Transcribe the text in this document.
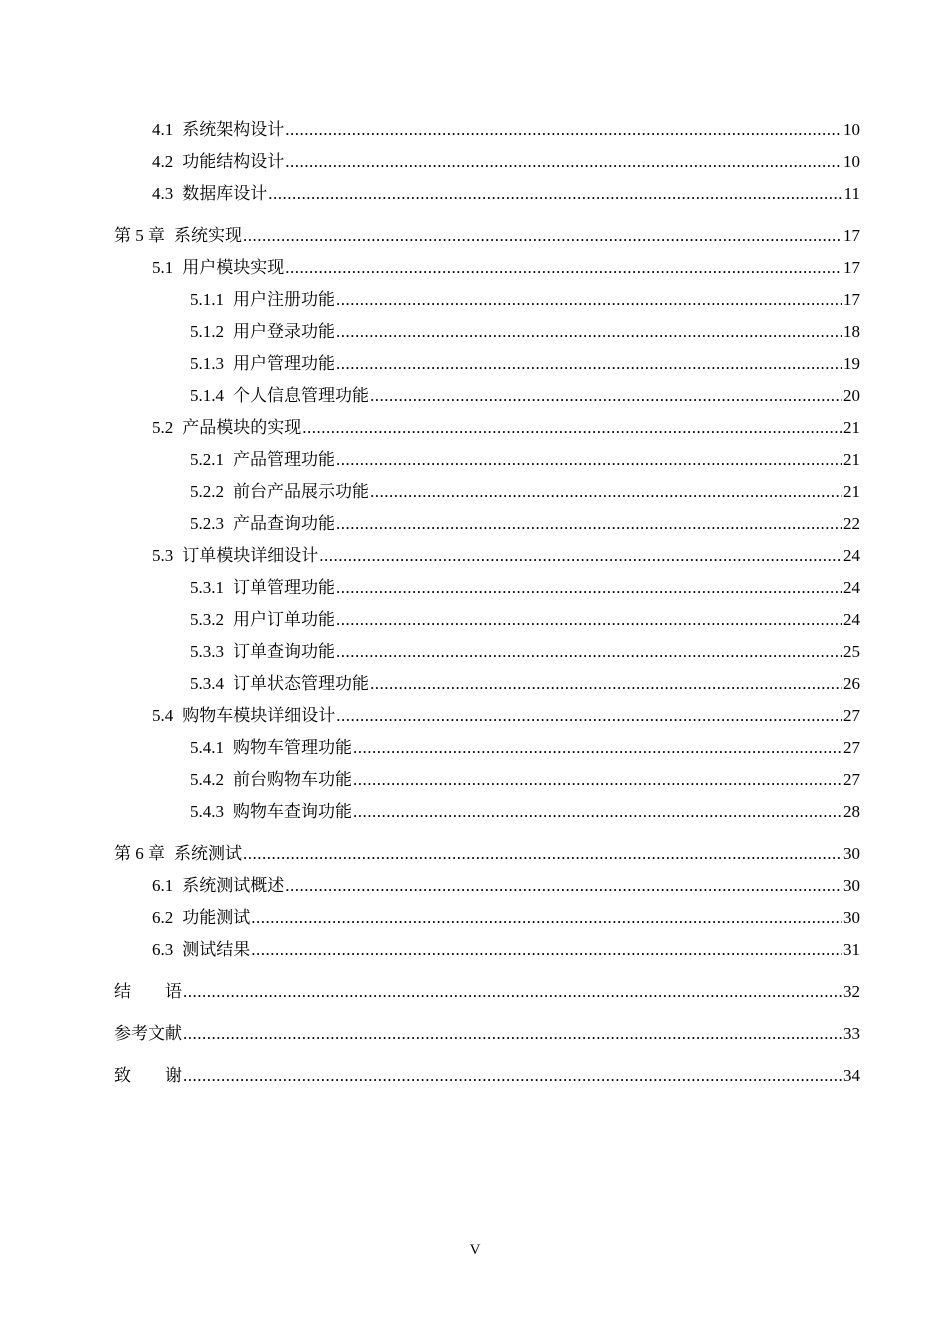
4.1 系统架构设计 .....	10
4.2 功能结构设计 .....	10
4.3 数据库设计 .....	11
第 5 章 系统实现 .....	17
5.1 用户模块实现 .....	17
5.1.1 用户注册功能 .....	17
5.1.2 用户登录功能 .....	18
5.1.3 用户管理功能 .....	19
5.1.4 个人信息管理功能 .....	20
5.2 产品模块的实现 .....	21
5.2.1 产品管理功能 .....	21
5.2.2 前台产品展示功能 .....	21
5.2.3 产品查询功能 .....	22
5.3 订单模块详细设计 .....	24
5.3.1 订单管理功能 .....	24
5.3.2 用户订单功能 .....	24
5.3.3 订单查询功能 .....	25
5.3.4 订单状态管理功能 .....	26
5.4 购物车模块详细设计 .....	27
5.4.1 购物车管理功能 .....	27
5.4.2 前台购物车功能 .....	27
5.4.3 购物车查询功能 .....	28
第 6 章 系统测试 .....	30
6.1 系统测试概述 .....	30
6.2 功能测试 .....	30
6.3 测试结果 .....	31
结　　语 .....	32
参考文献 .....	33
致　　谢 .....	34
V
